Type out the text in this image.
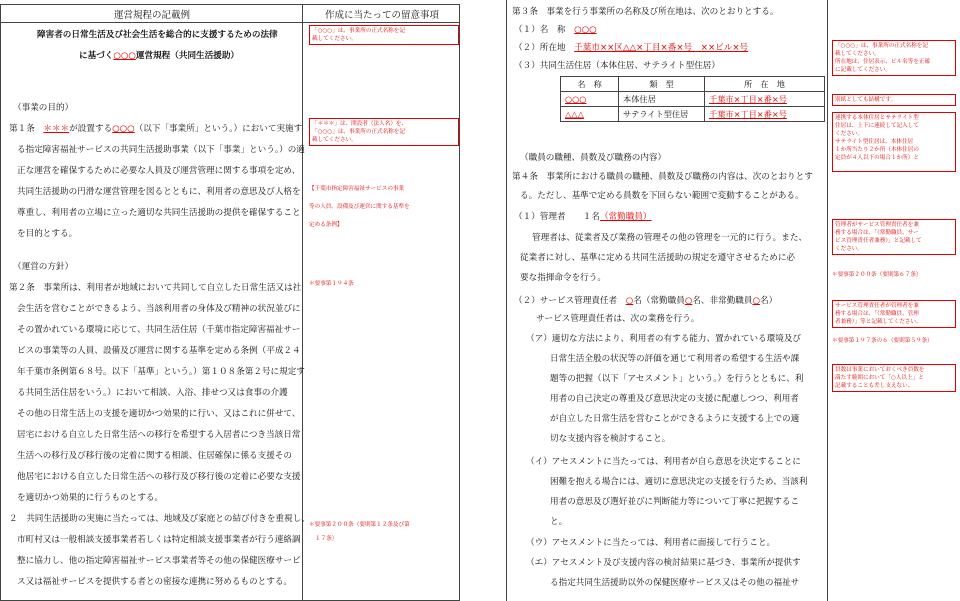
運営規程の記載例	作成に当たっての留意事項
障害者の日常生活及び社会生活を総合的に支援するための法律
に基づく○○○運営規程（共同生活援助）
（事業の目的）
第１条　＊＊＊が設置する○○○（以下「事業所」という。）において実施す
る指定障害福祉サービスの共同生活援助事業（以下「事業」という。）の適
正な運営を確保するために必要な人員及び運営管理に関する事項を定め、
共同生活援助の円滑な運営管理を図るとともに、利用者の意思及び人格を
尊重し、利用者の立場に立った適切な共同生活援助の提供を確保すること
を目的とする。
（運営の方針）
第２条　事業所は、利用者が地域において共同して自立した日常生活又は社
会生活を営むことができるよう、当該利用者の身体及び精神の状況並びに
その置かれている環境に応じて、共同生活住居（千葉市指定障害福祉サー
ビスの事業等の人員、設備及び運営に関する基準を定める条例（平成２４
年千葉市条例第６８号。以下「基準」という。）第１０８条第２号に規定す
る共同生活住居をいう。）において相談、入浴、排せつ又は食事の介護
その他の日常生活上の支援を適切かつ効果的に行い、又はこれに併せて、
居宅における自立した日常生活への移行を希望する入居者につき当該日常
生活への移行及び移行後の定着に関する相談、住居確保に係る支援その
他居宅における自立した日常生活への移行及び移行後の定着に必要な支援
を適切かつ効果的に行うものとする。
２　共同生活援助の実施に当たっては、地域及び家庭との結び付きを重視し、
市町村又は一般相談支援事業者若しくは特定相談支援事業者が行う連絡調
整に協力し、他の指定障害福祉サービス事業者等その他の保健医療サービ
ス又は福祉サービスを提供する者との密接な連携に努めるものとする。
「○○○」は、事業所の正式名称を記
載してください。
「＊＊＊」は、開設者（法人名）を、
「○○○」は、事業所の正式名称を記
載してください。
【千葉市指定障害福祉サービスの事業
等の人員、設備及び運営に関する基準を
定める条例】
＊要事第１９４条
＊要事第２００条（要則第１２条及び第
１７条）
第３条　事業を行う事業所の名称及び所在地は、次のとおりとする。
（１）名　称　○○○
（２）所在地　千葉市××区△△×丁目×番×号　××ビル×号
（３）共同生活住居（本体住居、サテライト型住居）
名　称	類　型	所　在　地
○○○	本体住居	千葉市×丁目×番×号
△△△	サテライト型住居	千葉市×丁目×番×号
（職員の職種、員数及び職務の内容）
第４条　事業所における職員の職種、員数及び職務の内容は、次のとおりとす
る。ただし、基準で定める員数を下回らない範囲で変動することがある。
（１）管理者　　１名（常勤職員）
管理者は、従業者及び業務の管理その他の管理を一元的に行う。また、
従業者に対し、基準に定める共同生活援助の規定を遵守させるために必
要な指揮命令を行う。
（２）サービス管理責任者　○名（常勤職員○名、非常勤職員○名）
サービス管理責任者は、次の業務を行う。
（ア）適切な方法により、利用者の有する能力、置かれている環境及び
日常生活全般の状況等の評価を通じて利用者の希望する生活や課
題等の把握（以下「アセスメント」という。）を行うとともに、利
用者の自己決定の尊重及び意思決定の支援に配慮しつつ、利用者
が自立した日常生活を営むことができるように支援する上での適
切な支援内容を検討すること。
（イ）アセスメントに当たっては、利用者が自ら意思を決定することに
困難を抱える場合には、適切に意思決定の支援を行うため、当該利
用者の意思及び選好並びに判断能力等について丁寧に把握するこ
と。
（ウ）アセスメントに当たっては、利用者に面接して行うこと。
（エ）アセスメント及び支援内容の検討結果に基づき、事業所が提供す
る指定共同生活援助以外の保健医療サービス又はその他の福祉サ
「○○○」は、事業所の正式名称を記
載してください。
所在地は、住居表示、ビル名等を正確
に記載してください。
別紙としても結構です。
連携する本体住居とサテライト型
住居は、上下に連続して記入して
ください。
サテライト型住居は、本体住居
１か所当たり２か所（本体住居の
定員が４人以下の場合１か所）と
管理者がサービス管理責任者を兼
務する場合は、「（常勤職員、サー
ビス管理責任者兼務）」と記載して
ください。
＊要事第２００条（要則第６７条）
サービス管理責任者が管理者を兼
務する場合は、「（常勤職員、管理
者兼務）」等と記載してください。
＊要事第１９７条の６（要則第５９条）
員数は事業においておくべき員数を
満たす範囲において「○人以上」と
記載することも差し支えない。
